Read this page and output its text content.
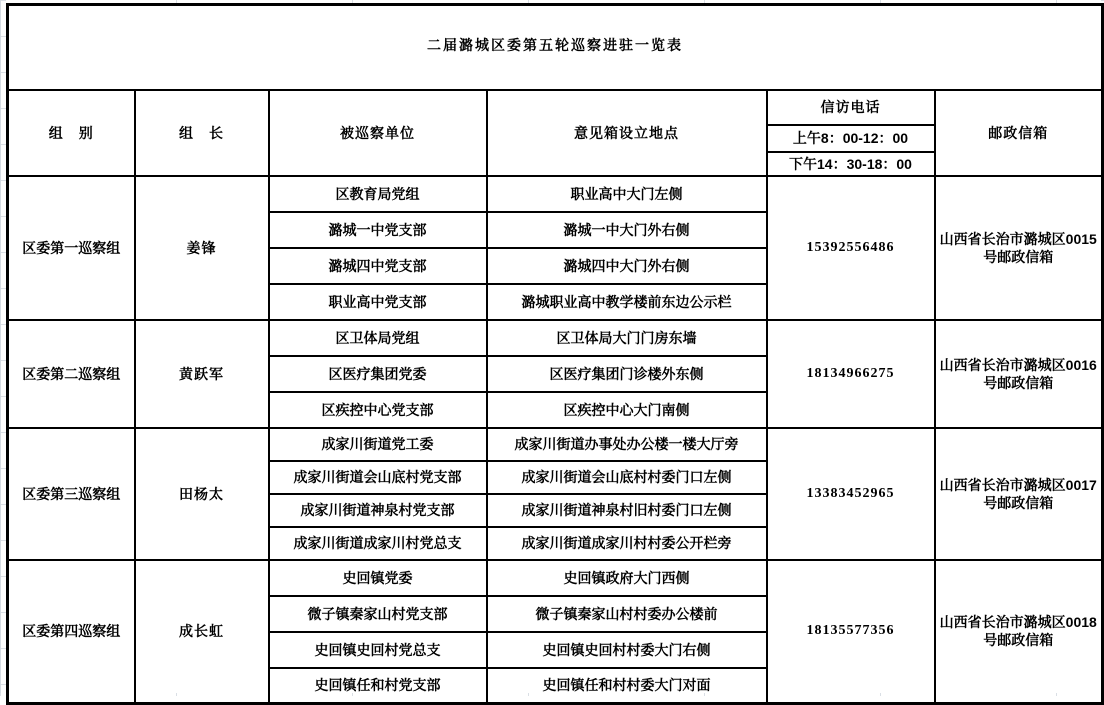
二届潞城区委第五轮巡察进驻一览表					
组　别	组　长	被巡察单位	意见箱设立地点	信访电话	邮政信箱
				上午8：00-12：00	
				下午14：30-18：00	
区委第一巡察组	姜锋	区教育局党组	职业高中大门左侧	15392556486	山西省长治市潞城区0015号邮政信箱
		潞城一中党支部	潞城一中大门外右侧		
		潞城四中党支部	潞城四中大门外右侧		
		职业高中党支部	潞城职业高中教学楼前东边公示栏		
区委第二巡察组	黄跃军	区卫体局党组	区卫体局大门门房东墙	18134966275	山西省长治市潞城区0016号邮政信箱
		区医疗集团党委	区医疗集团门诊楼外东侧		
		区疾控中心党支部	区疾控中心大门南侧		
区委第三巡察组	田杨太	成家川街道党工委	成家川街道办事处办公楼一楼大厅旁	13383452965	山西省长治市潞城区0017号邮政信箱
		成家川街道会山底村党支部	成家川街道会山底村村委门口左侧		
		成家川街道神泉村党支部	成家川街道神泉村旧村委门口左侧		
		成家川街道成家川村党总支	成家川街道成家川村村委公开栏旁		
区委第四巡察组	成长虹	史回镇党委	史回镇政府大门西侧	18135577356	山西省长治市潞城区0018号邮政信箱
		微子镇秦家山村党支部	微子镇秦家山村村委办公楼前		
		史回镇史回村党总支	史回镇史回村村委大门右侧		
		史回镇任和村党支部	史回镇任和村村委大门对面		
